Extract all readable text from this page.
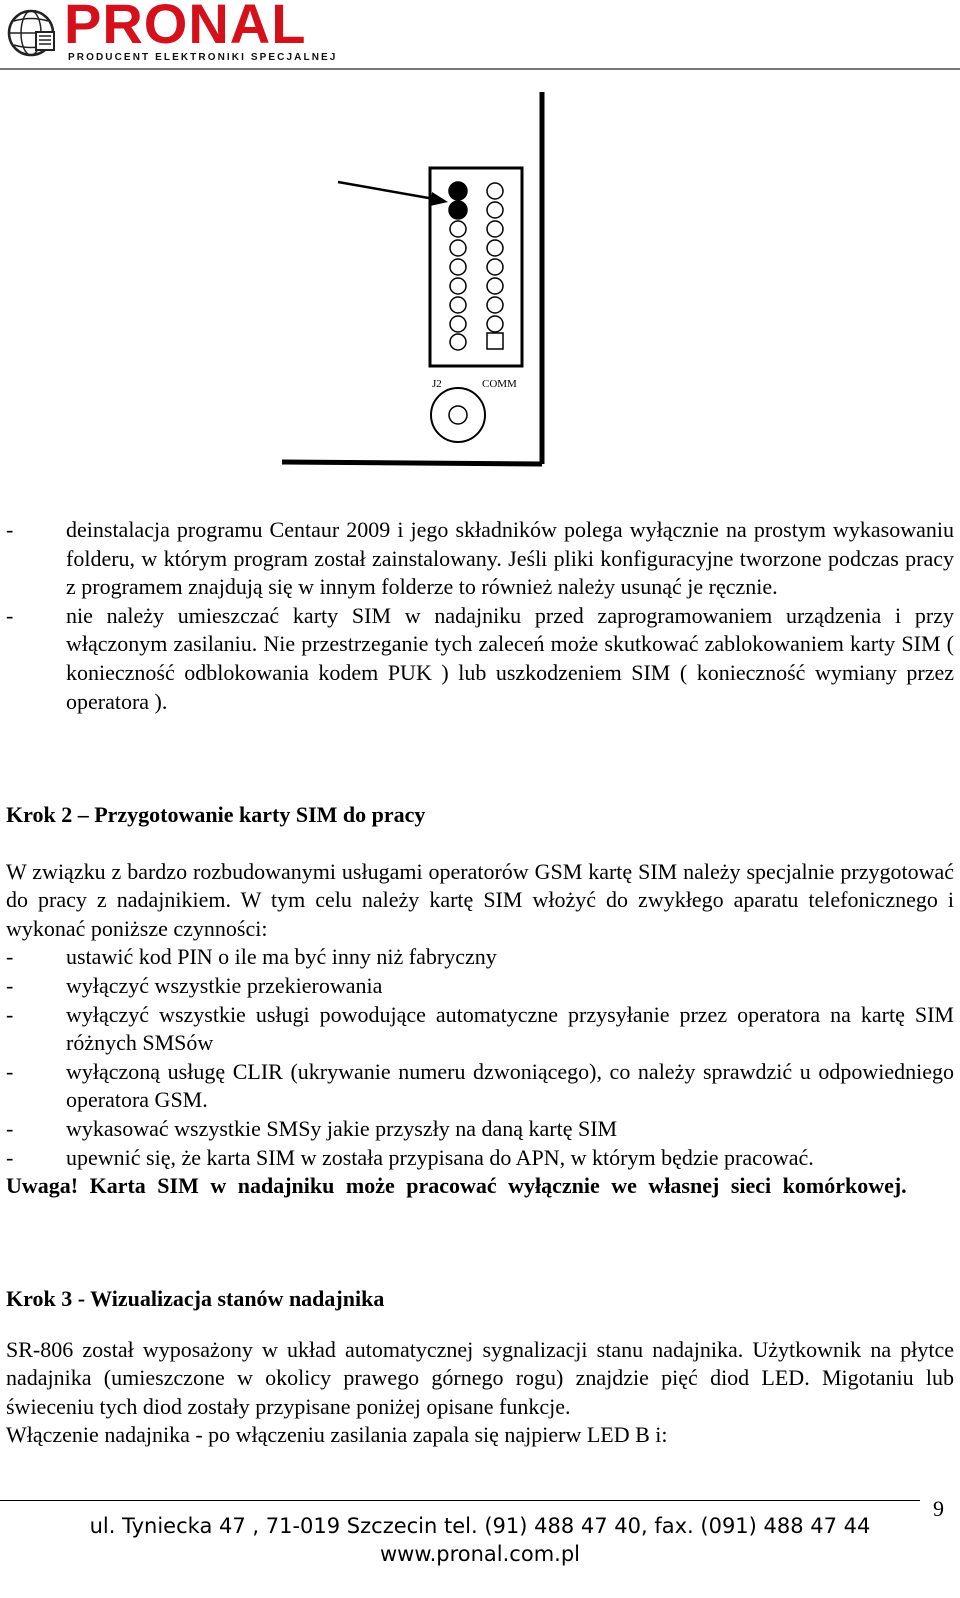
PRONAL
PRODUCENT ELEKTRONIKI SPECJALNEJ
J2	COMM
- deinstalacja programu Centaur 2009 i jego składników polega wyłącznie na prostym wykasowaniu folderu, w którym program został zainstalowany. Jeśli pliki konfiguracyjne tworzone podczas pracy z programem znajdują się w innym folderze to również należy usunąć je ręcznie.
- nie należy umieszczać karty SIM w nadajniku przed zaprogramowaniem urządzenia i przy włączonym zasilaniu. Nie przestrzeganie tych zaleceń może skutkować zablokowaniem karty SIM ( konieczność odblokowania kodem PUK ) lub uszkodzeniem SIM ( konieczność wymiany przez operatora ).

Krok 2 – Przygotowanie karty SIM do pracy

W związku z bardzo rozbudowanymi usługami operatorów GSM kartę SIM należy specjalnie przygotować do pracy z nadajnikiem. W tym celu należy kartę SIM włożyć do zwykłego aparatu telefonicznego i wykonać poniższe czynności:

- ustawić kod PIN o ile ma być inny niż fabryczny
- wyłączyć wszystkie przekierowania
- wyłączyć wszystkie usługi powodujące automatyczne przysyłanie przez operatora na kartę SIM różnych SMSów
- wyłączoną usługę CLIR (ukrywanie numeru dzwoniącego), co należy sprawdzić u odpowiedniego operatora GSM.
- wykasować wszystkie SMSy jakie przyszły na daną kartę SIM
- upewnić się, że karta SIM w została przypisana do APN, w którym będzie pracować.

Uwaga! Karta SIM w nadajniku może pracować wyłącznie we własnej sieci komórkowej.

Krok 3 - Wizualizacja stanów nadajnika

SR-806 został wyposażony w układ automatycznej sygnalizacji stanu nadajnika. Użytkownik na płytce nadajnika (umieszczone w okolicy prawego górnego rogu) znajdzie pięć diod LED. Migotaniu lub świeceniu tych diod zostały przypisane poniżej opisane funkcje.

Włączenie nadajnika - po włączeniu zasilania zapala się najpierw LED B i:

9
ul. Tyniecka 47 , 71-019 Szczecin tel. (91) 488 47 40, fax. (091) 488 47 44
www.pronal.com.pl
